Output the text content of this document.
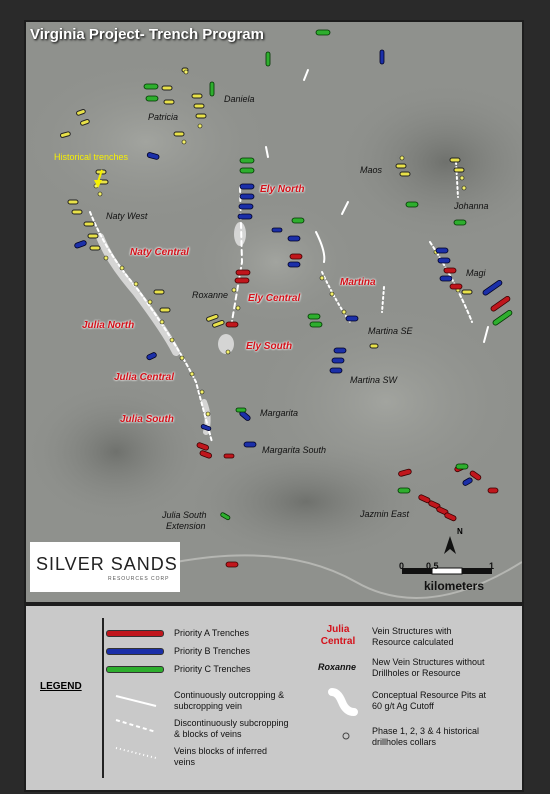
Virginia Project- Trench Program
Historical trenches
Daniela
Patricia
Maos
Johanna
Naty West
Ely North
Naty Central
Magi
Martina
Roxanne Ely Central
Julia North	Martina SE
Ely South
Julia Central	Martina SW
Margarita
Julia South
Margarita South
Julia South
Extension
Jazmin East
SILVER SANDS
RESOURCES CORP
N
0 0.5	1
kilometers
LEGEND
Priority A Trenches
Priority B Trenches
Priority C Trenches
Continuously outcropping &
subcropping vein
Discontinuously subcropping
& blocks of veins
Veins blocks of inferred
veins
Julia
Central
Vein Structures with
Resource calculated
Roxanne New Vein Structures without
Drillholes or Resource
Conceptual Resource Pits at
60 g/t Ag Cutoff
Phase 1, 2, 3 & 4 historical
drillholes collars
